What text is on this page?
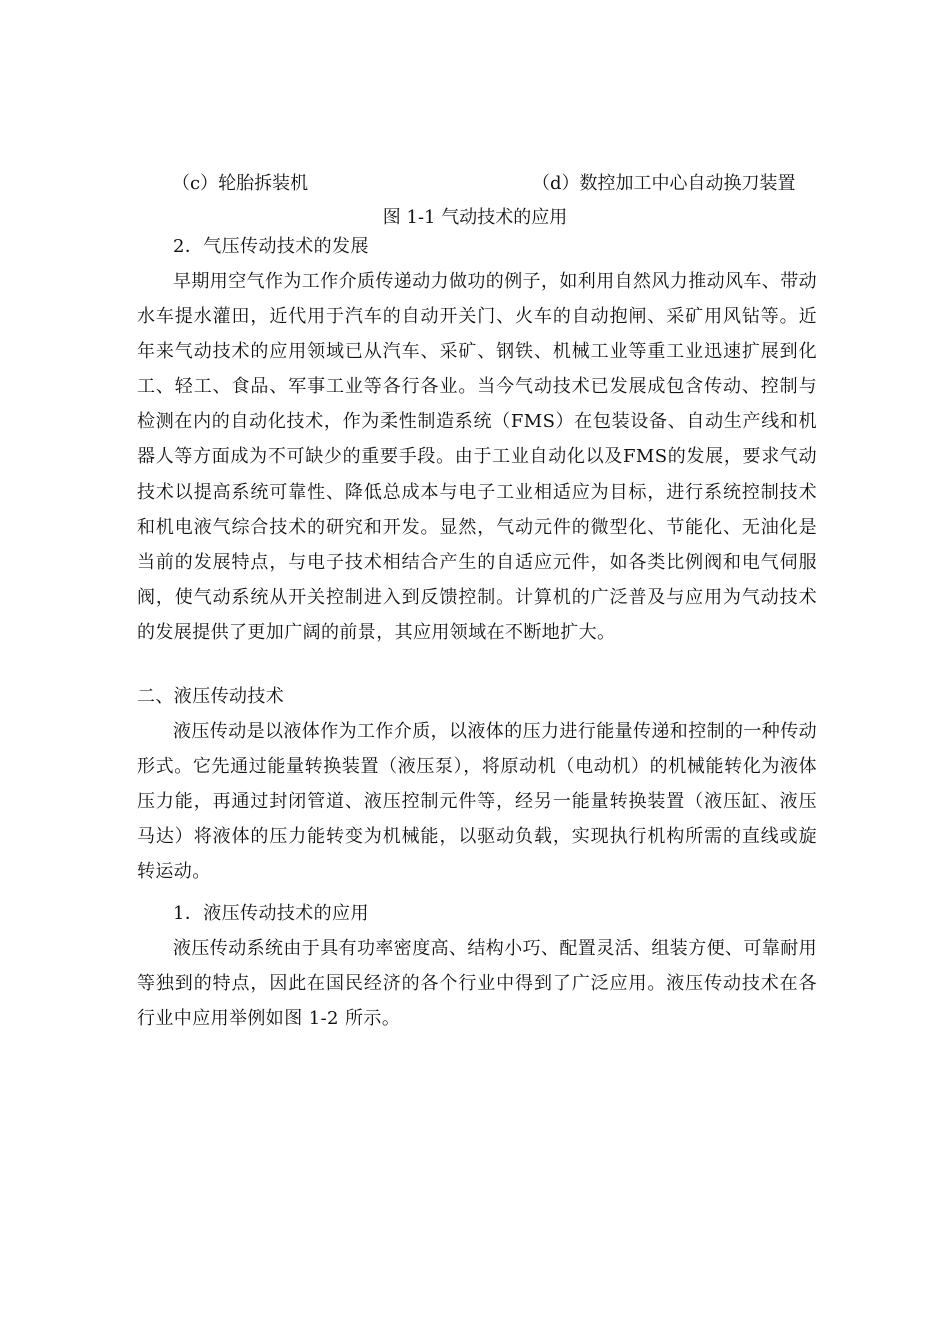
（c）轮胎拆装机	（d）数控加工中心自动换刀装置
图 1-1 气动技术的应用

2．气压传动技术的发展

早期用空气作为工作介质传递动力做功的例子，如利用自然风力推动风车、带动水车提水灌田，近代用于汽车的自动开关门、火车的自动抱闸、采矿用风钻等。近年来气动技术的应用领域已从汽车、采矿、钢铁、机械工业等重工业迅速扩展到化工、轻工、食品、军事工业等各行各业。当今气动技术已发展成包含传动、控制与检测在内的自动化技术，作为柔性制造系统（FMS）在包装设备、自动生产线和机器人等方面成为不可缺少的重要手段。由于工业自动化以及FMS的发展，要求气动技术以提高系统可靠性、降低总成本与电子工业相适应为目标，进行系统控制技术和机电液气综合技术的研究和开发。显然，气动元件的微型化、节能化、无油化是当前的发展特点，与电子技术相结合产生的自适应元件，如各类比例阀和电气伺服阀，使气动系统从开关控制进入到反馈控制。计算机的广泛普及与应用为气动技术的发展提供了更加广阔的前景，其应用领域在不断地扩大。

二、液压传动技术

液压传动是以液体作为工作介质，以液体的压力进行能量传递和控制的一种传动形式。它先通过能量转换装置（液压泵），将原动机（电动机）的机械能转化为液体压力能，再通过封闭管道、液压控制元件等，经另一能量转换装置（液压缸、液压马达）将液体的压力能转变为机械能，以驱动负载，实现执行机构所需的直线或旋转运动。

1．液压传动技术的应用

液压传动系统由于具有功率密度高、结构小巧、配置灵活、组装方便、可靠耐用等独到的特点，因此在国民经济的各个行业中得到了广泛应用。液压传动技术在各行业中应用举例如图 1-2 所示。
